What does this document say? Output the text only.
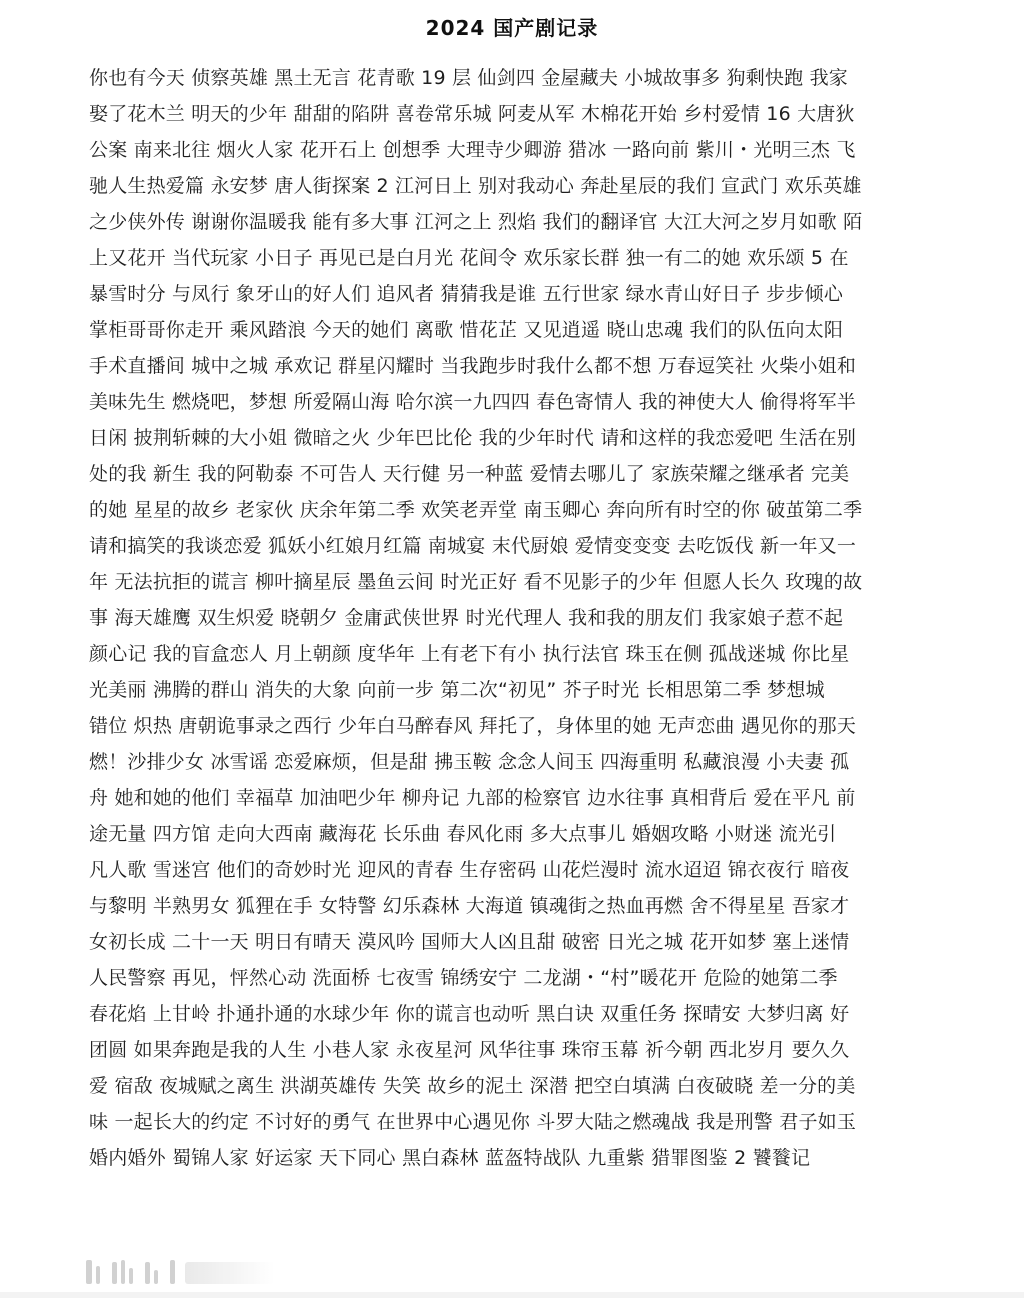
2024 国产剧记录
你也有今天 侦察英雄 黑土无言 花青歌 19 层 仙剑四 金屋藏夫 小城故事多 狗剩快跑 我家
娶了花木兰 明天的少年 甜甜的陷阱 喜卷常乐城 阿麦从军 木棉花开始 乡村爱情 16 大唐狄
公案 南来北往 烟火人家 花开石上 创想季 大理寺少卿游 猎冰 一路向前 紫川・光明三杰 飞
驰人生热爱篇 永安梦 唐人街探案 2 江河日上 别对我动心 奔赴星辰的我们 宣武门 欢乐英雄
之少侠外传 谢谢你温暖我 能有多大事 江河之上 烈焰 我们的翻译官 大江大河之岁月如歌 陌
上又花开 当代玩家 小日子 再见已是白月光 花间令 欢乐家长群 独一有二的她 欢乐颂 5 在
暴雪时分 与凤行 象牙山的好人们 追风者 猜猜我是谁 五行世家 绿水青山好日子 步步倾心
掌柜哥哥你走开 乘风踏浪 今天的她们 离歌 惜花芷 又见逍遥 晓山忠魂 我们的队伍向太阳
手术直播间 城中之城 承欢记 群星闪耀时 当我跑步时我什么都不想 万春逗笑社 火柴小姐和
美味先生 燃烧吧，梦想 所爱隔山海 哈尔滨一九四四 春色寄情人 我的神使大人 偷得将军半
日闲 披荆斩棘的大小姐 微暗之火 少年巴比伦 我的少年时代 请和这样的我恋爱吧 生活在别
处的我 新生 我的阿勒泰 不可告人 天行健 另一种蓝 爱情去哪儿了 家族荣耀之继承者 完美
的她 星星的故乡 老家伙 庆余年第二季 欢笑老弄堂 南玉卿心 奔向所有时空的你 破茧第二季
请和搞笑的我谈恋爱 狐妖小红娘月红篇 南城宴 末代厨娘 爱情变变变 去吃饭伐 新一年又一
年 无法抗拒的谎言 柳叶摘星辰 墨鱼云间 时光正好 看不见影子的少年 但愿人长久 玫瑰的故
事 海天雄鹰 双生炽爱 晓朝夕 金庸武侠世界 时光代理人 我和我的朋友们 我家娘子惹不起
颜心记 我的盲盒恋人 月上朝颜 度华年 上有老下有小 执行法官 珠玉在侧 孤战迷城 你比星
光美丽 沸腾的群山 消失的大象 向前一步 第二次“初见” 芥子时光 长相思第二季 梦想城
错位 炽热 唐朝诡事录之西行 少年白马醉春风 拜托了，身体里的她 无声恋曲 遇见你的那天
燃！沙排少女 冰雪谣 恋爱麻烦，但是甜 拂玉鞍 念念人间玉 四海重明 私藏浪漫 小夫妻 孤
舟 她和她的他们 幸福草 加油吧少年 柳舟记 九部的检察官 边水往事 真相背后 爱在平凡 前
途无量 四方馆 走向大西南 藏海花 长乐曲 春风化雨 多大点事儿 婚姻攻略 小财迷 流光引
凡人歌 雪迷宫 他们的奇妙时光 迎风的青春 生存密码 山花烂漫时 流水迢迢 锦衣夜行 暗夜
与黎明 半熟男女 狐狸在手 女特警 幻乐森林 大海道 镇魂街之热血再燃 舍不得星星 吾家才
女初长成 二十一天 明日有晴天 漠风吟 国师大人凶且甜 破密 日光之城 花开如梦 塞上迷情
人民警察 再见，怦然心动 洗面桥 七夜雪 锦绣安宁 二龙湖・“村”暖花开 危险的她第二季
春花焰 上甘岭 扑通扑通的水球少年 你的谎言也动听 黑白诀 双重任务 探晴安 大梦归离 好
团圆 如果奔跑是我的人生 小巷人家 永夜星河 风华往事 珠帘玉幕 祈今朝 西北岁月 要久久
爱 宿敌 夜城赋之离生 洪湖英雄传 失笑 故乡的泥土 深潜 把空白填满 白夜破晓 差一分的美
味 一起长大的约定 不讨好的勇气 在世界中心遇见你 斗罗大陆之燃魂战 我是刑警 君子如玉
婚内婚外 蜀锦人家 好运家 天下同心 黑白森林 蓝盔特战队 九重紫 猎罪图鉴 2 饕餮记
